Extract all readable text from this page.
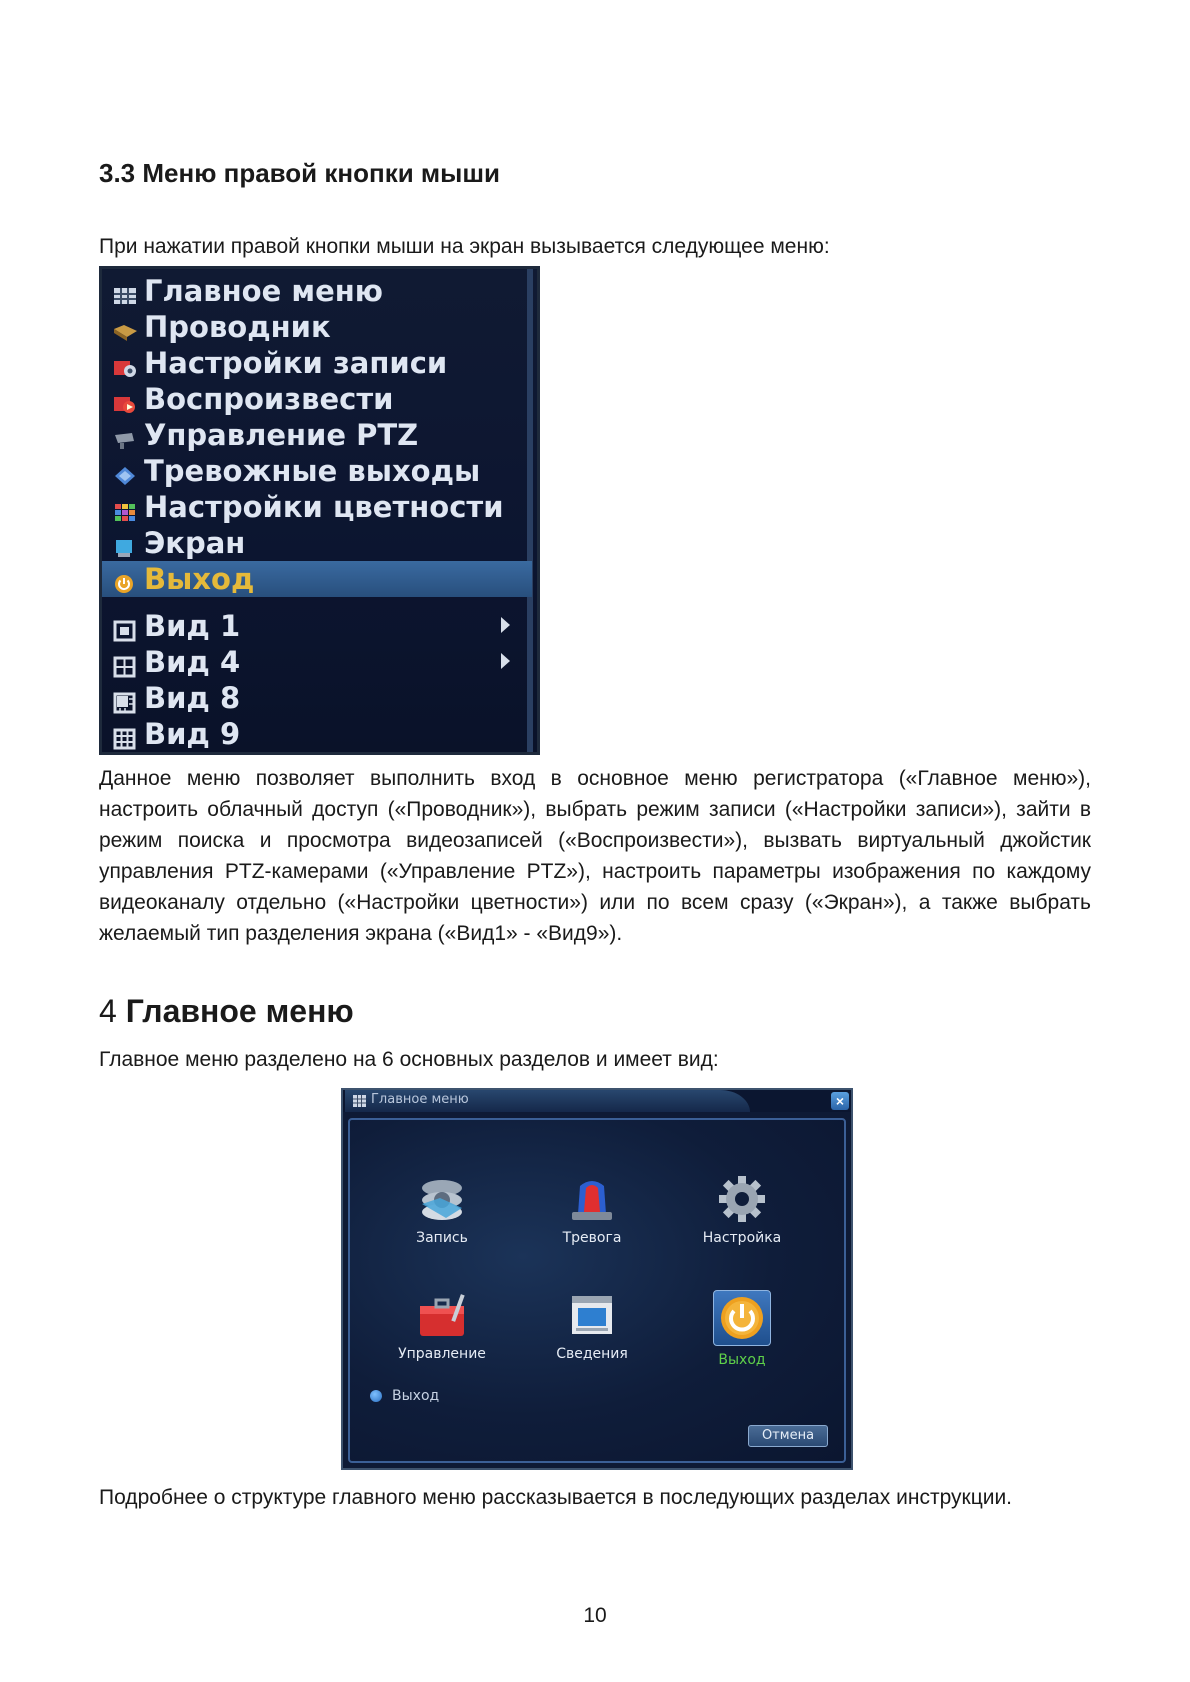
3.3 Меню правой кнопки мыши

При нажатии правой кнопки мыши на экран вызывается следующее меню:

Главное меню
Проводник
Настройки записи
Воспроизвести
Управление PTZ
Тревожные выходы
Настройки цветности
Экран
Выход
Вид 1
Вид 4
Вид 8
Вид 9

Данное меню позволяет выполнить вход в основное меню регистратора («Главное меню»), настроить облачный доступ («Проводник»), выбрать режим записи («Настройки записи»), зайти в режим поиска и просмотра видеозаписей («Воспроизвести»), вызвать виртуальный джойстик управления PTZ-камерами («Управление PTZ»), настроить параметры изображения по каждому видеоканалу отдельно («Настройки цветности») или по всем сразу («Экран»), а также выбрать желаемый тип разделения экрана («Вид1» - «Вид9»).

4 Главное меню

Главное меню разделено на 6 основных разделов и имеет вид:

Главное меню	×
Запись	Тревога	Настройка
Управление	Сведения	Выход
Выход
Отмена

Подробнее о структуре главного меню рассказывается в последующих разделах инструкции.

10
